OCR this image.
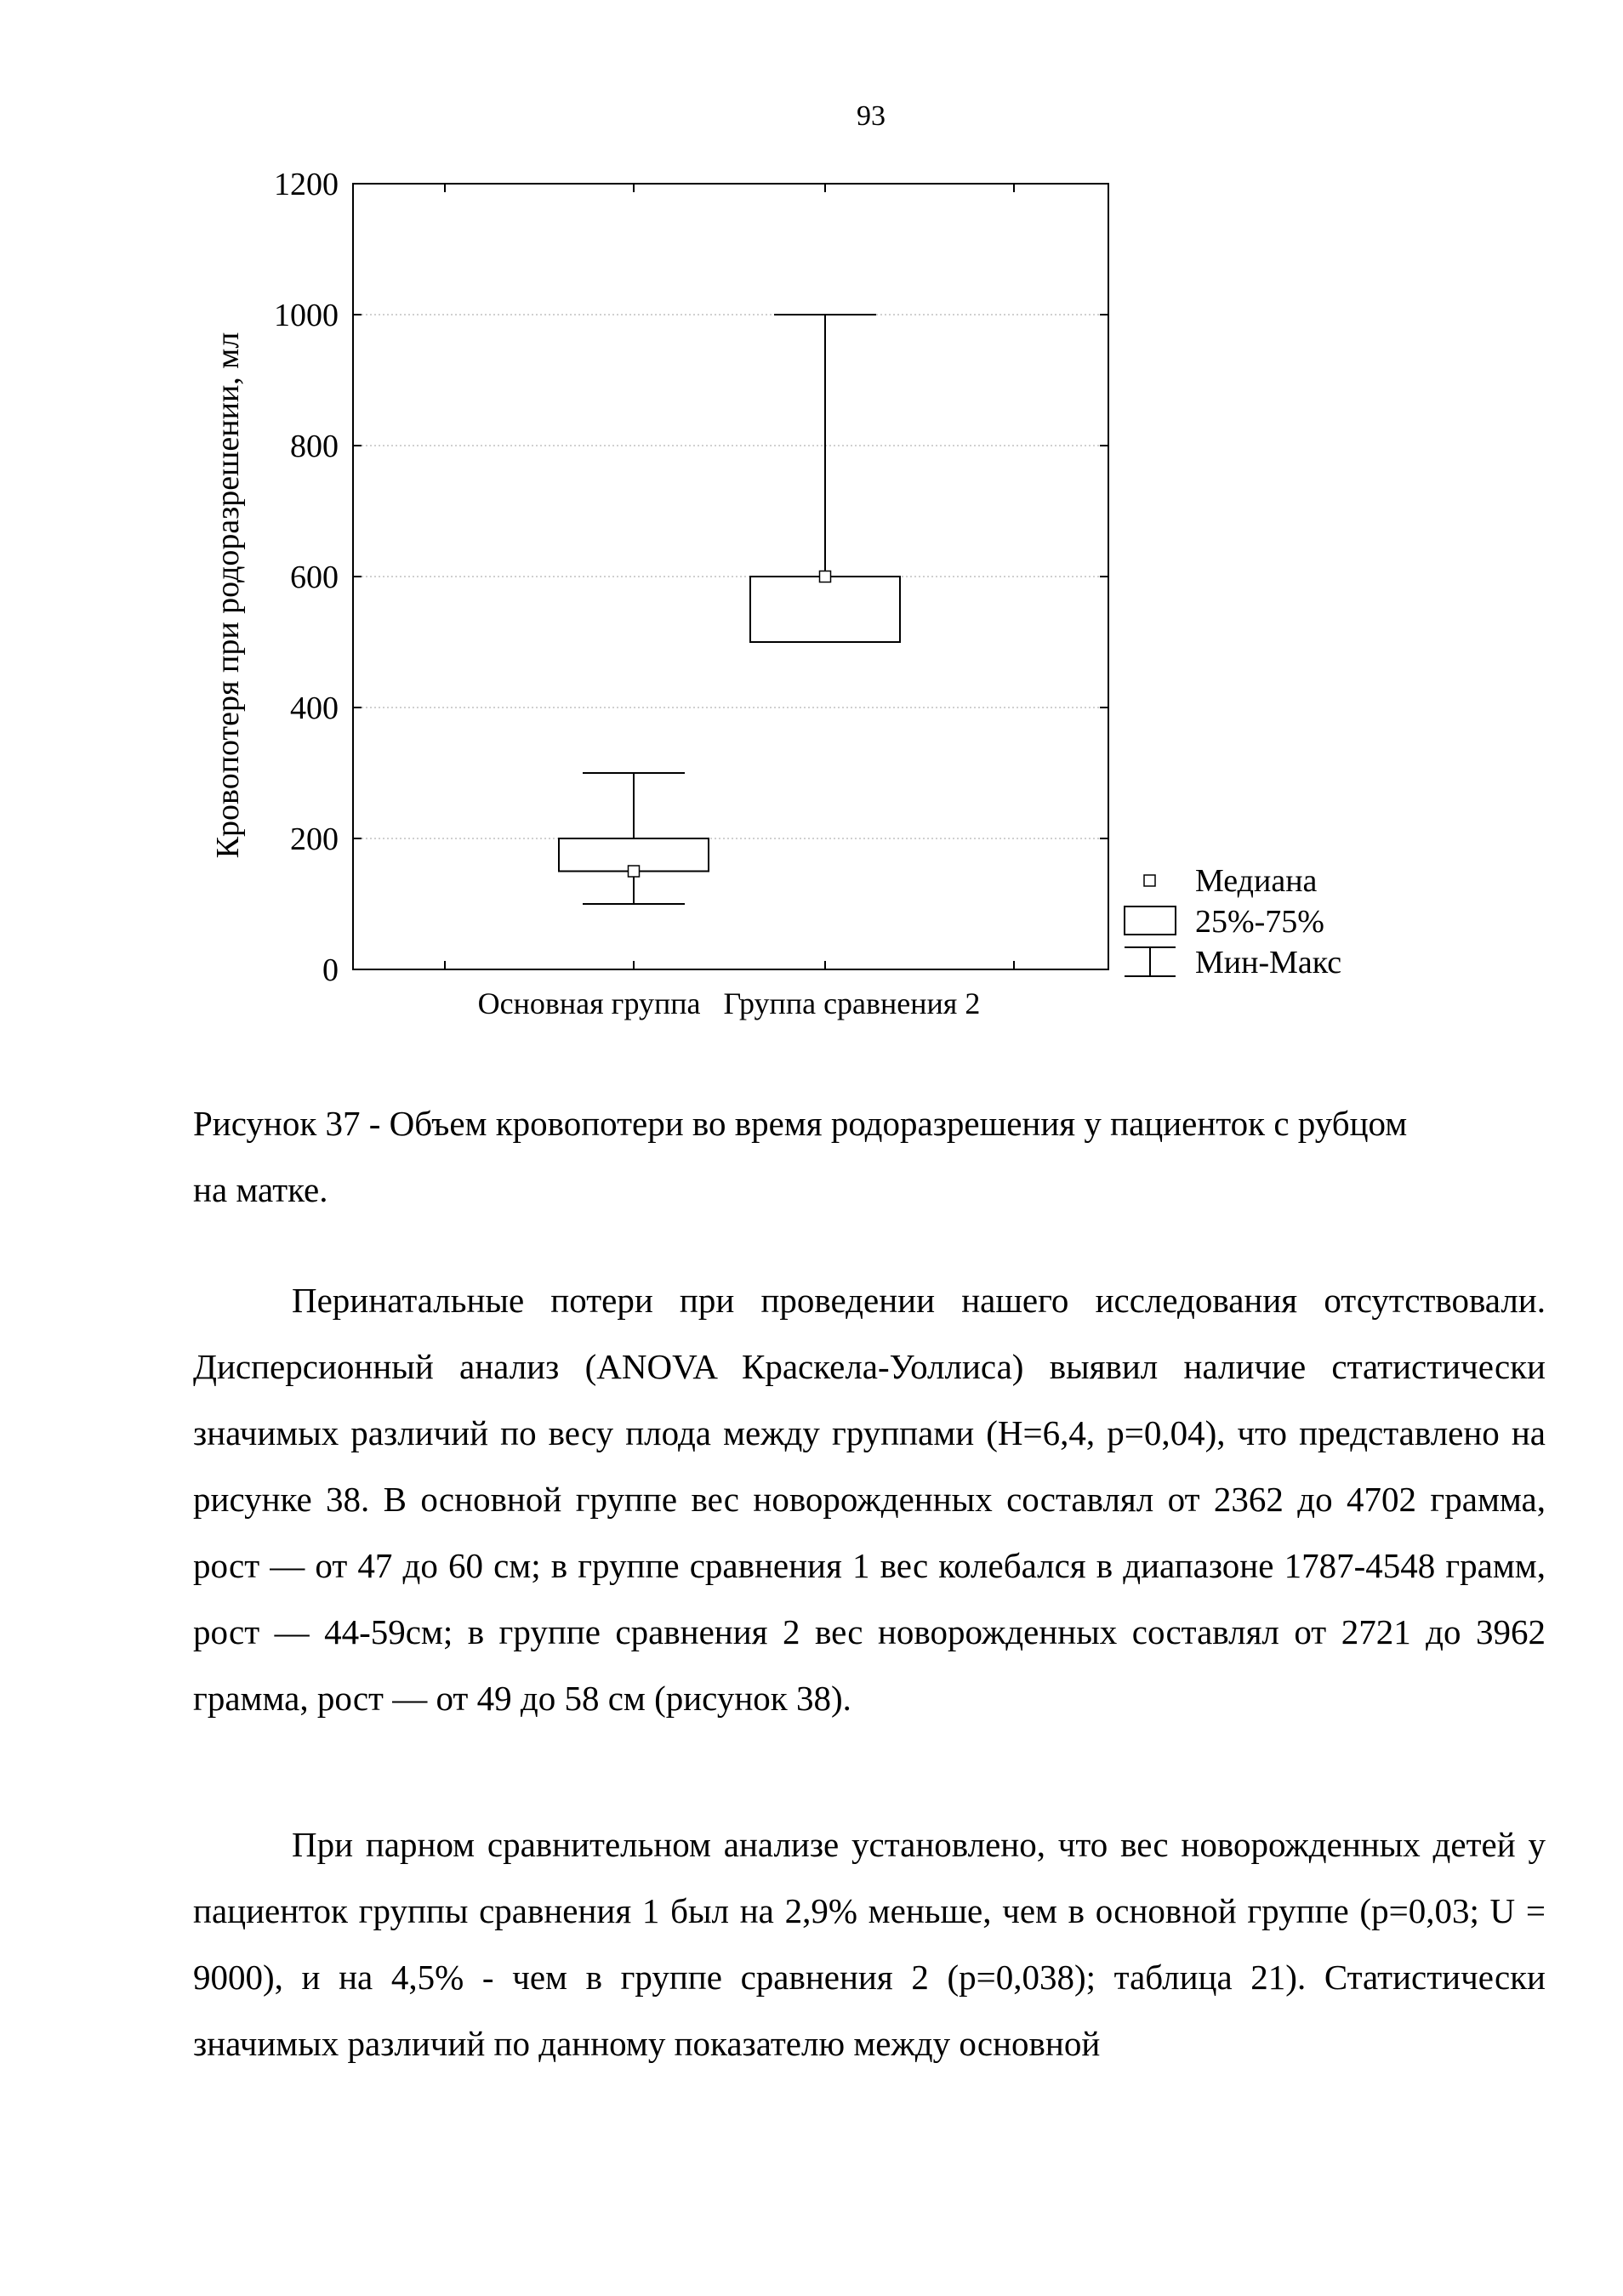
93
0
200
400
600
800
1000
1200
Кровопотеря при родоразрешении, мл
Основная группа   Группа сравнения 2
Медиана
25%-75%
Мин-Макс

Рисунок 37 - Объем кровопотери во время родоразрешения у пациенток с рубцом на матке.

Перинатальные потери при проведении нашего исследования отсутствовали. Дисперсионный анализ (ANOVA Краскела-Уоллиса) выявил наличие статистически значимых различий по весу плода между группами (H=6,4, p=0,04), что представлено на рисунке 38. В основной группе вес новорожденных составлял от 2362 до 4702 грамма, рост — от 47 до 60 см; в группе сравнения 1 вес колебался в диапазоне 1787-4548 грамм, рост — 44-59см; в группе сравнения 2 вес новорожденных составлял от 2721 до 3962 грамма, рост — от 49 до 58 см (рисунок 38).

При парном сравнительном анализе установлено, что вес новорожденных детей у пациенток группы сравнения 1 был на 2,9% меньше, чем в основной группе (p=0,03; U = 9000), и на 4,5% - чем в группе сравнения 2 (p=0,038); таблица 21). Статистически значимых различий по данному показателю между основной
